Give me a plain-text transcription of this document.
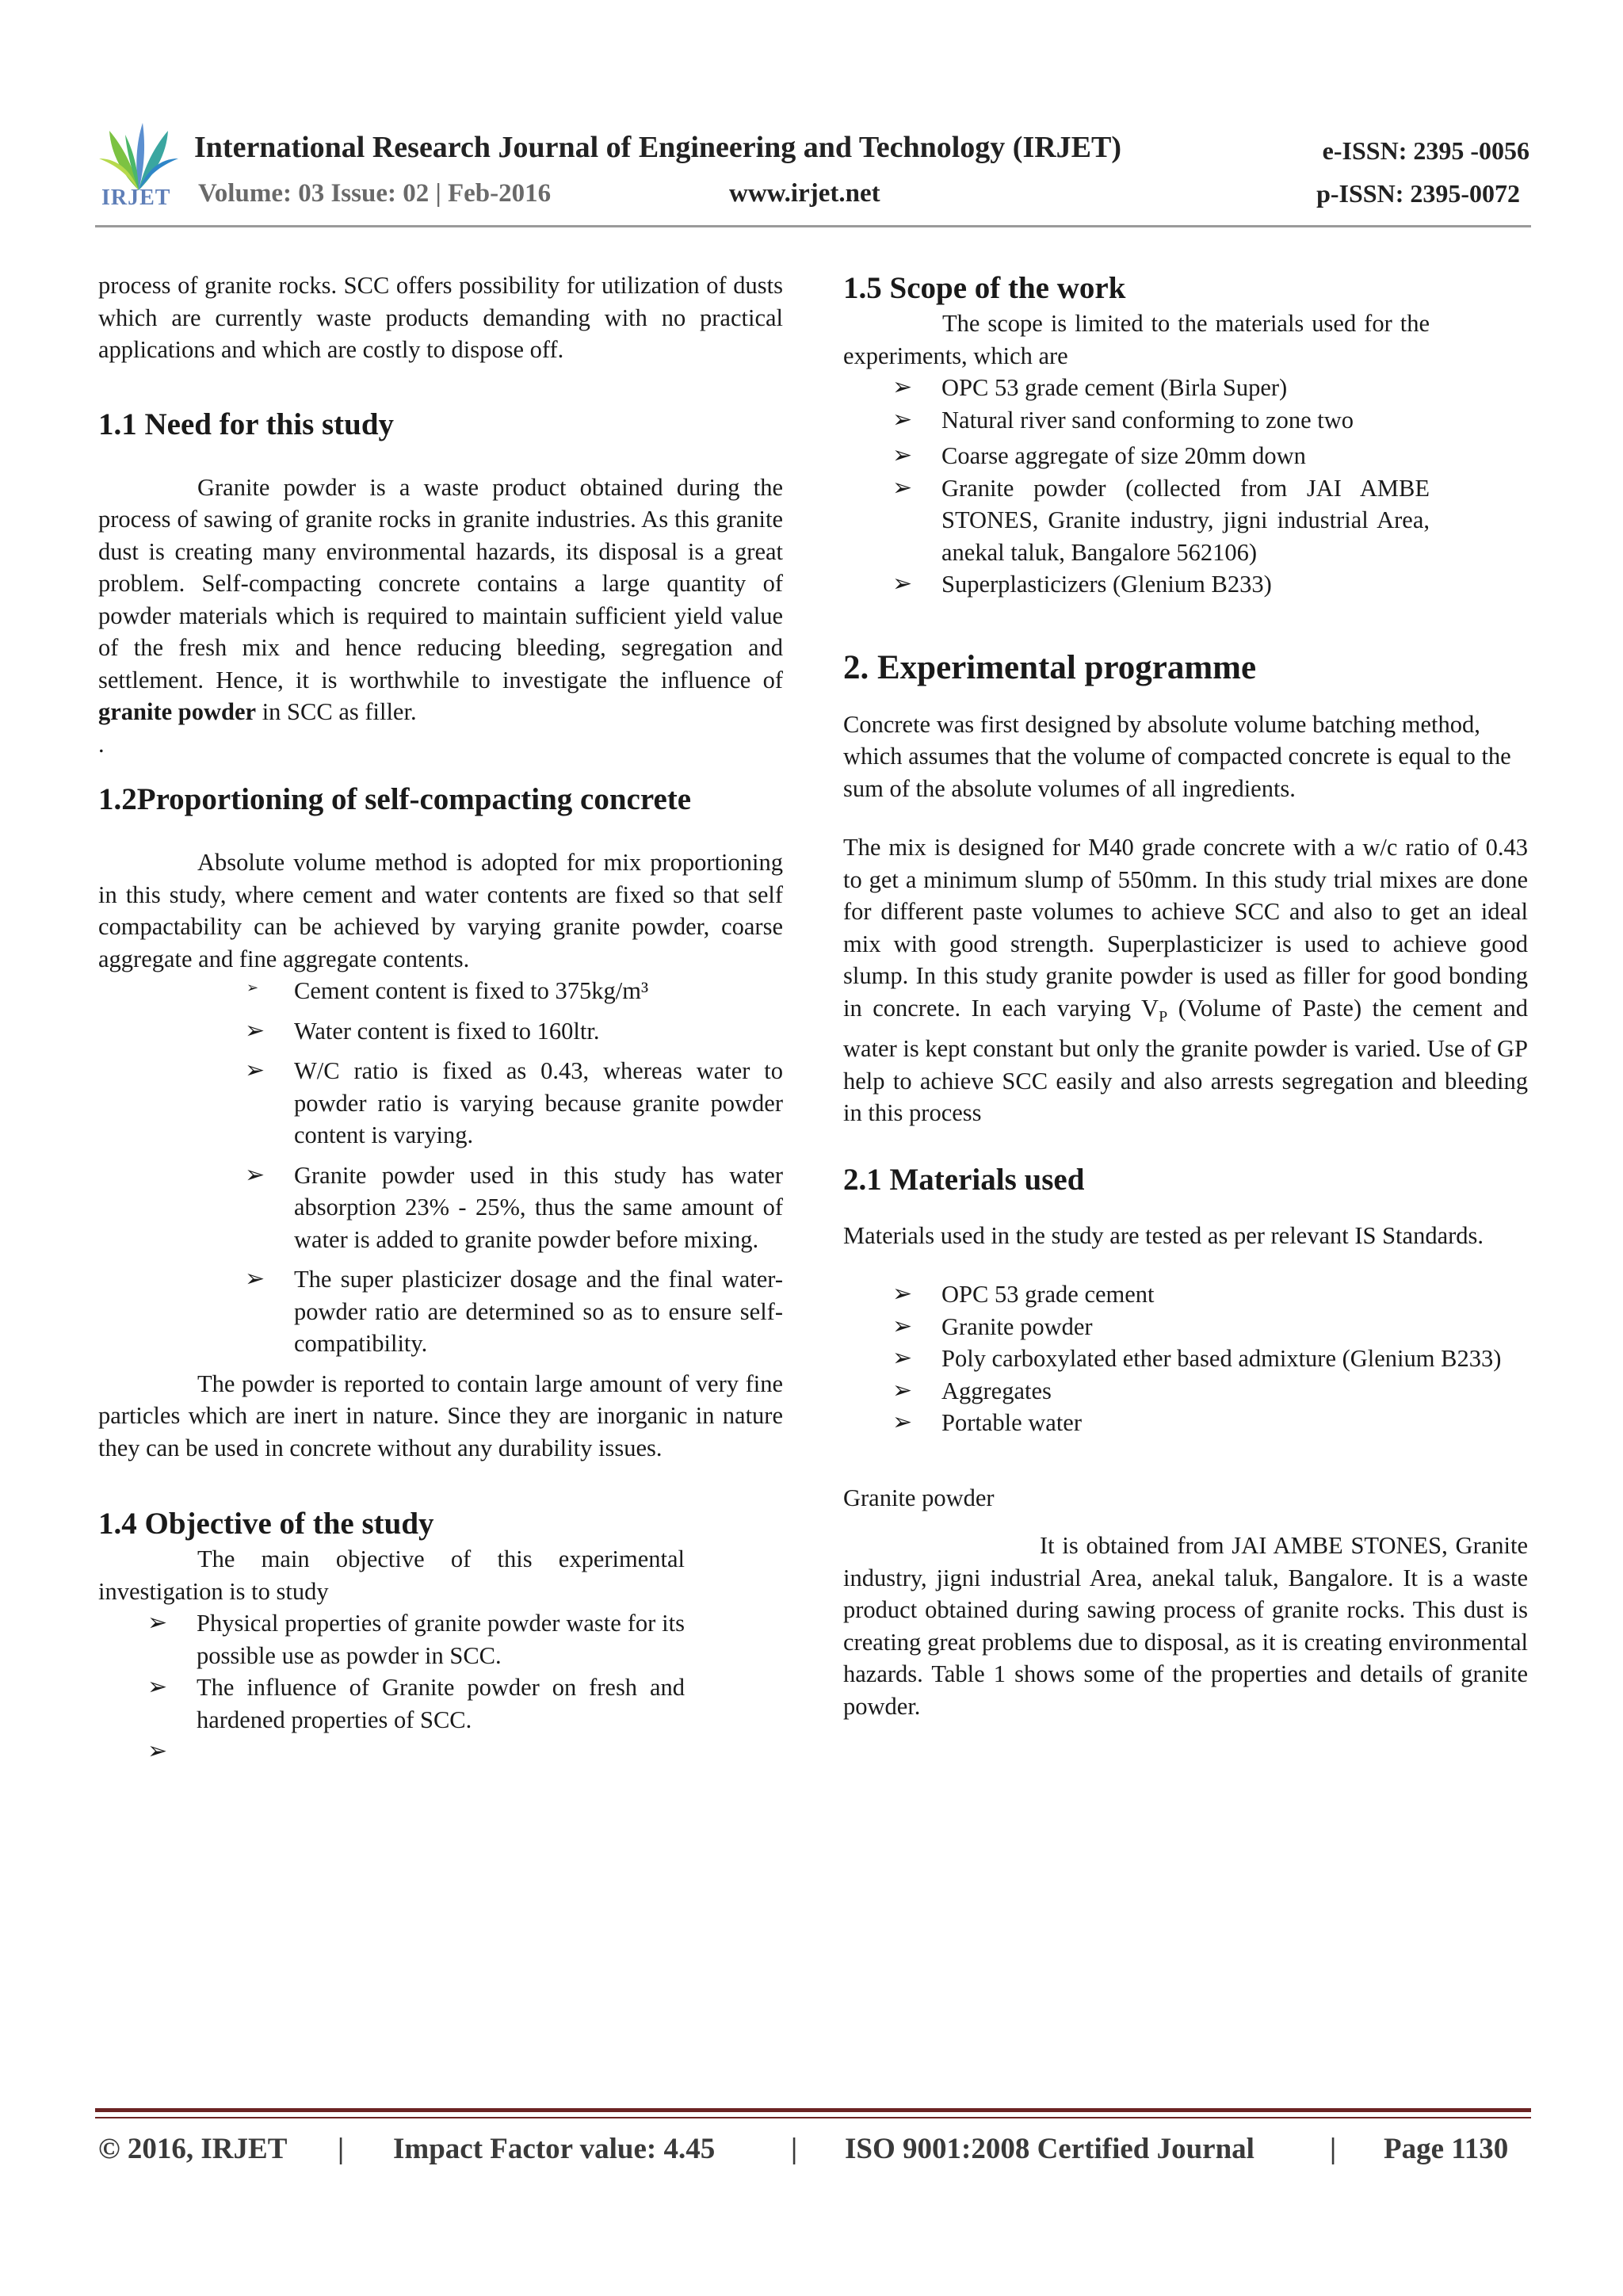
IRJET
International Research Journal of Engineering and Technology (IRJET)	e-ISSN: 2395 -0056
Volume: 03 Issue: 02 | Feb-2016	www.irjet.net	p-ISSN: 2395-0072

process of granite rocks. SCC offers possibility for utilization of dusts which are currently waste products demanding with no practical applications and which are costly to dispose off.

1.1 Need for this study

Granite powder is a waste product obtained during the process of sawing of granite rocks in granite industries. As this granite dust is creating many environmental hazards, its disposal is a great problem. Self-compacting concrete contains a large quantity of powder materials which is required to maintain sufficient yield value of the fresh mix and hence reducing bleeding, segregation and settlement. Hence, it is worthwhile to investigate the influence of granite powder in SCC as filler.

.

1.2Proportioning of self-compacting concrete

Absolute volume method is adopted for mix proportioning in this study, where cement and water contents are fixed so that self compactability can be achieved by varying granite powder, coarse aggregate and fine aggregate contents.

➢ Cement content is fixed to 375kg/m³
➢ Water content is fixed to 160ltr.
➢ W/C ratio is fixed as 0.43, whereas water to powder ratio is varying because granite powder content is varying.
➢ Granite powder used in this study has water absorption 23% - 25%, thus the same amount of water is added to granite powder before mixing.
➢ The super plasticizer dosage and the final water-powder ratio are determined so as to ensure self-compatibility.

The powder is reported to contain large amount of very fine particles which are inert in nature. Since they are inorganic in nature they can be used in concrete without any durability issues.

1.4 Objective of the study

The main objective of this experimental investigation is to study

➢ Physical properties of granite powder waste for its possible use as powder in SCC.
➢ The influence of Granite powder on fresh and hardened properties of SCC.
➢
1.5 Scope of the work

The scope is limited to the materials used for the experiments, which are

➢ OPC 53 grade cement (Birla Super)
➢ Natural river sand conforming to zone two
➢ Coarse aggregate of size 20mm down
➢ Granite powder (collected from JAI AMBE STONES, Granite industry, jigni industrial Area, anekal taluk, Bangalore 562106)
➢ Superplasticizers (Glenium B233)
2. Experimental programme

Concrete was first designed by absolute volume batching method, which assumes that the volume of compacted concrete is equal to the sum of the absolute volumes of all ingredients.

The mix is designed for M40 grade concrete with a w/c ratio of 0.43 to get a minimum slump of 550mm. In this study trial mixes are done for different paste volumes to achieve SCC and also to get an ideal mix with good strength. Superplasticizer is used to achieve good slump. In this study granite powder is used as filler for good bonding in concrete. In each varying $V_P$ (Volume of Paste) the cement and water is kept constant but only the granite powder is varied. Use of GP help to achieve SCC easily and also arrests segregation and bleeding in this process

2.1 Materials used

Materials used in the study are tested as per relevant IS Standards.

➢ OPC 53 grade cement
➢ Granite powder
➢ Poly carboxylated ether based admixture (Glenium B233)
➢ Aggregates
➢ Portable water

Granite powder

It is obtained from JAI AMBE STONES, Granite industry, jigni industrial Area, anekal taluk, Bangalore. It is a waste product obtained during sawing process of granite rocks. This dust is creating great problems due to disposal, as it is creating environmental hazards. Table 1 shows some of the properties and details of granite powder.

© 2016, IRJET | Impact Factor value: 4.45	| ISO 9001:2008 Certified Journal	| Page 1130
